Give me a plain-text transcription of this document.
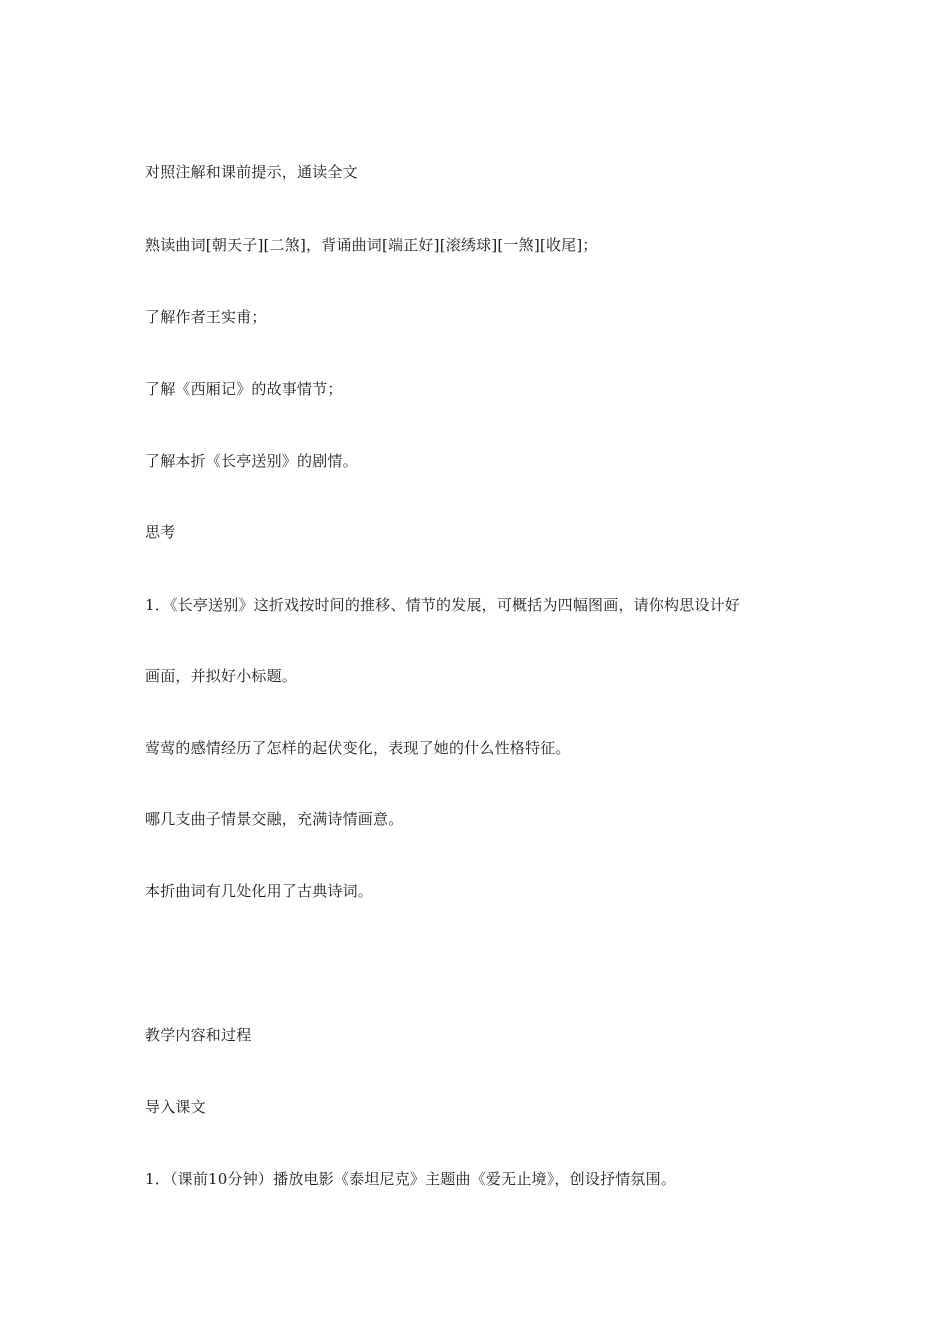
对照注解和课前提示，通读全文
熟读曲词[朝天子][二煞]，背诵曲词[端正好][滚绣球][一煞][收尾]；
了解作者王实甫；
了解《西厢记》的故事情节；
了解本折《长亭送别》的剧情。
思考
1．《长亭送别》这折戏按时间的推移、情节的发展，可概括为四幅图画，请你构思设计好
画面，并拟好小标题。
莺莺的感情经历了怎样的起伏变化，表现了她的什么性格特征。
哪几支曲子情景交融，充满诗情画意。
本折曲词有几处化用了古典诗词。
教学内容和过程
导入课文
1．（课前10分钟）播放电影《泰坦尼克》主题曲《爱无止境》，创设抒情氛围。
